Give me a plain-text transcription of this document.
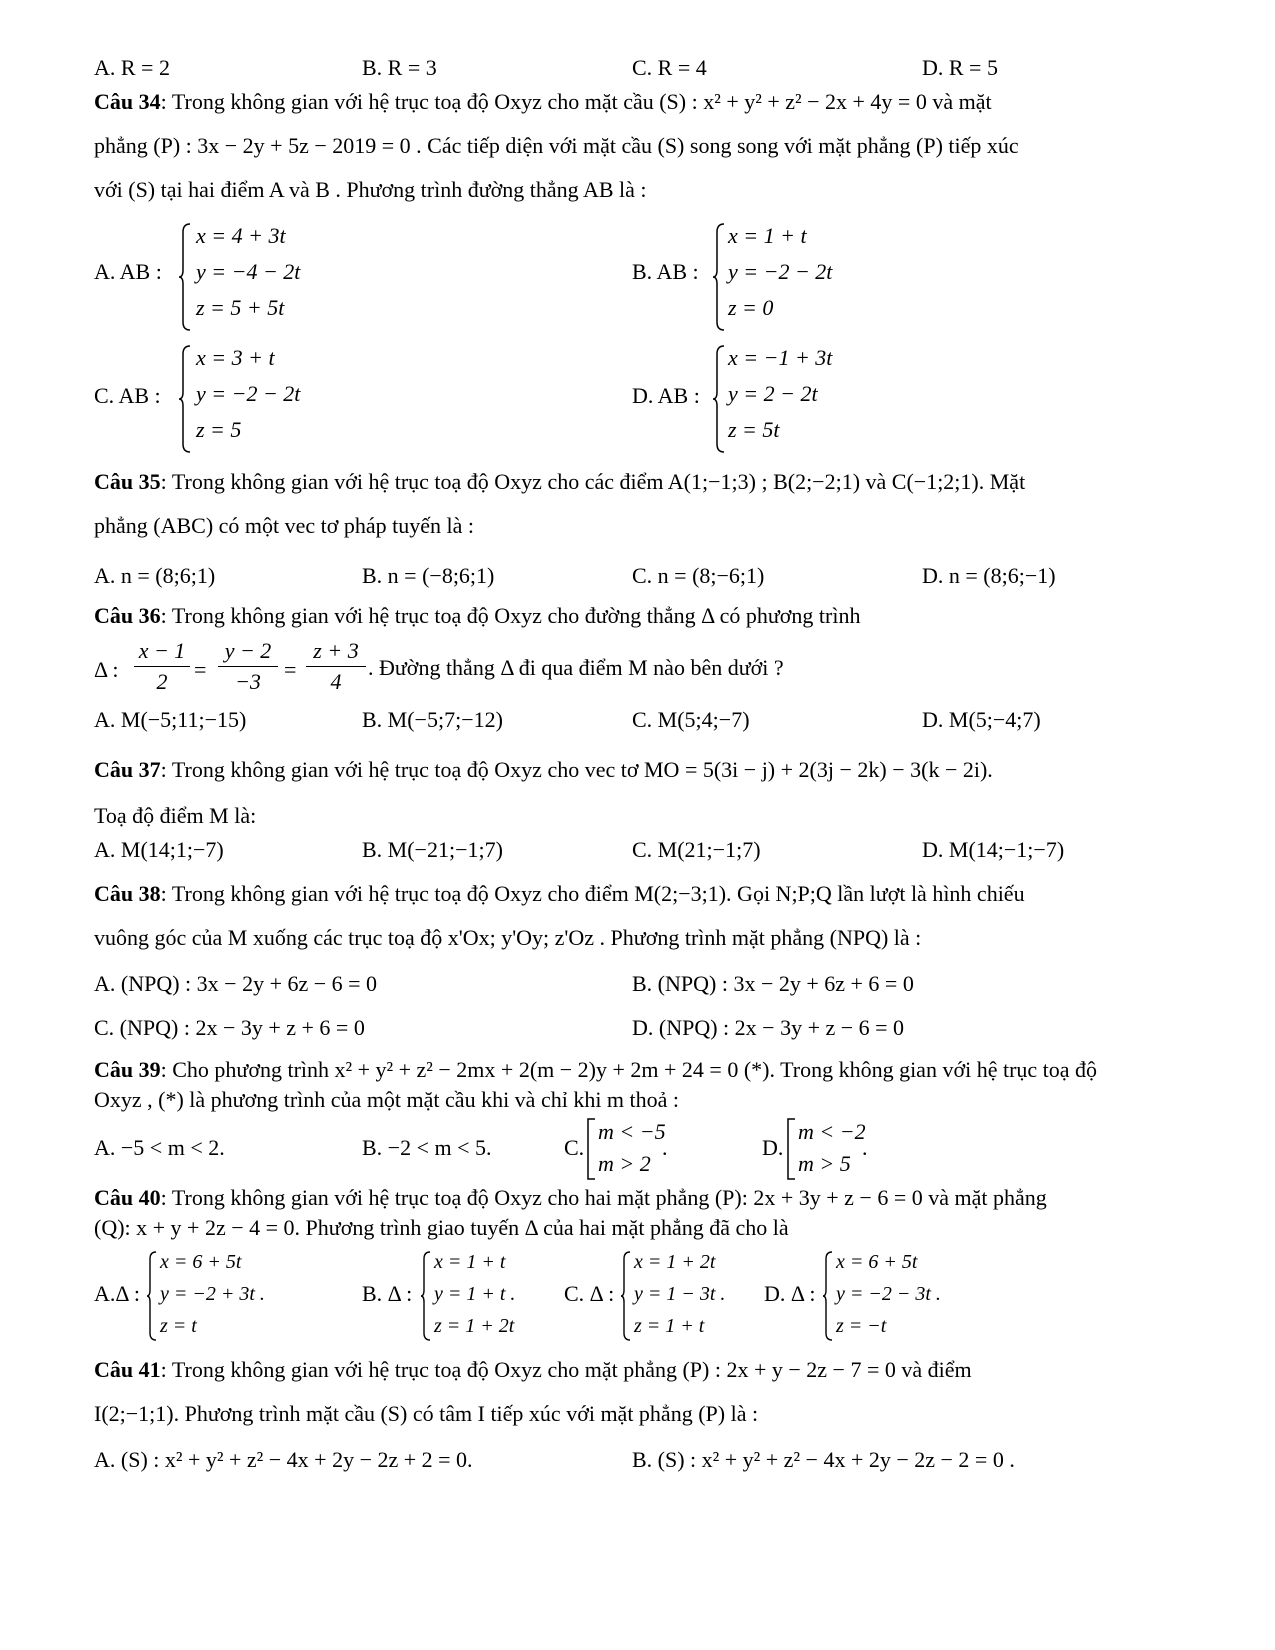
A. R = 2	B. R = 3	C. R = 4	D. R = 5
Câu 34: Trong không gian với hệ trục toạ độ Oxyz cho mặt cầu (S) : x² + y² + z² − 2x + 4y = 0 và mặt
phẳng (P) : 3x − 2y + 5z − 2019 = 0 . Các tiếp diện với mặt cầu (S) song song với mặt phẳng (P) tiếp xúc
với (S) tại hai điểm A và B . Phương trình đường thẳng AB là :
A. AB :
x = 4 + 3t
y = −4 − 2t
z = 5 + 5t
B. AB :
x = 1 + t
y = −2 − 2t
z = 0
C. AB :
x = 3 + t
y = −2 − 2t
z = 5
D. AB :
x = −1 + 3t
y = 2 − 2t
z = 5t
Câu 35: Trong không gian với hệ trục toạ độ Oxyz cho các điểm A(1;−1;3) ; B(2;−2;1) và C(−1;2;1). Mặt
phẳng (ABC) có một vec tơ pháp tuyến là :
A. n = (8;6;1)	B. n = (−8;6;1)	C. n = (8;−6;1)	D. n = (8;6;−1)
Câu 36: Trong không gian với hệ trục toạ độ Oxyz cho đường thẳng Δ có phương trình
Δ :
x − 1
2	=
y − 2
−3	=
z + 3
4
. Đường thẳng Δ đi qua điểm M nào bên dưới ?
A. M(−5;11;−15)	B. M(−5;7;−12)	C. M(5;4;−7)	D. M(5;−4;7)
Câu 37: Trong không gian với hệ trục toạ độ Oxyz cho vec tơ MO = 5(3i − j) + 2(3j − 2k) − 3(k − 2i).
Toạ độ điểm M là:
A. M(14;1;−7)	B. M(−21;−1;7)	C. M(21;−1;7)	D. M(14;−1;−7)
Câu 38: Trong không gian với hệ trục toạ độ Oxyz cho điểm M(2;−3;1). Gọi N;P;Q lần lượt là hình chiếu
vuông góc của M xuống các trục toạ độ x'Ox; y'Oy; z'Oz . Phương trình mặt phẳng (NPQ) là :
A. (NPQ) : 3x − 2y + 6z − 6 = 0	B. (NPQ) : 3x − 2y + 6z + 6 = 0
C. (NPQ) : 2x − 3y + z + 6 = 0	D. (NPQ) : 2x − 3y + z − 6 = 0
Câu 39: Cho phương trình x² + y² + z² − 2mx + 2(m − 2)y + 2m + 24 = 0 (*). Trong không gian với hệ trục toạ độ
Oxyz , (*) là phương trình của một mặt cầu khi và chỉ khi m thoả :
A. −5 < m < 2.	B. −2 < m < 5.	C.
m < −5
m > 2
.	D.
m < −2
m > 5
.
Câu 40: Trong không gian với hệ trục toạ độ Oxyz cho hai mặt phẳng (P): 2x + 3y + z − 6 = 0 và mặt phẳng
(Q): x + y + 2z − 4 = 0. Phương trình giao tuyến Δ của hai mặt phẳng đã cho là
A.Δ :
x = 6 + 5t
y = −2 + 3t .
z = t
B. Δ :
x = 1 + t
y = 1 + t .
z = 1 + 2t
C. Δ :
x = 1 + 2t
y = 1 − 3t .
z = 1 + t
D. Δ :
x = 6 + 5t
y = −2 − 3t .
z = −t
Câu 41: Trong không gian với hệ trục toạ độ Oxyz cho mặt phẳng (P) : 2x + y − 2z − 7 = 0 và điểm
I(2;−1;1). Phương trình mặt cầu (S) có tâm I tiếp xúc với mặt phẳng (P) là :
A. (S) : x² + y² + z² − 4x + 2y − 2z + 2 = 0.	B. (S) : x² + y² + z² − 4x + 2y − 2z − 2 = 0 .
